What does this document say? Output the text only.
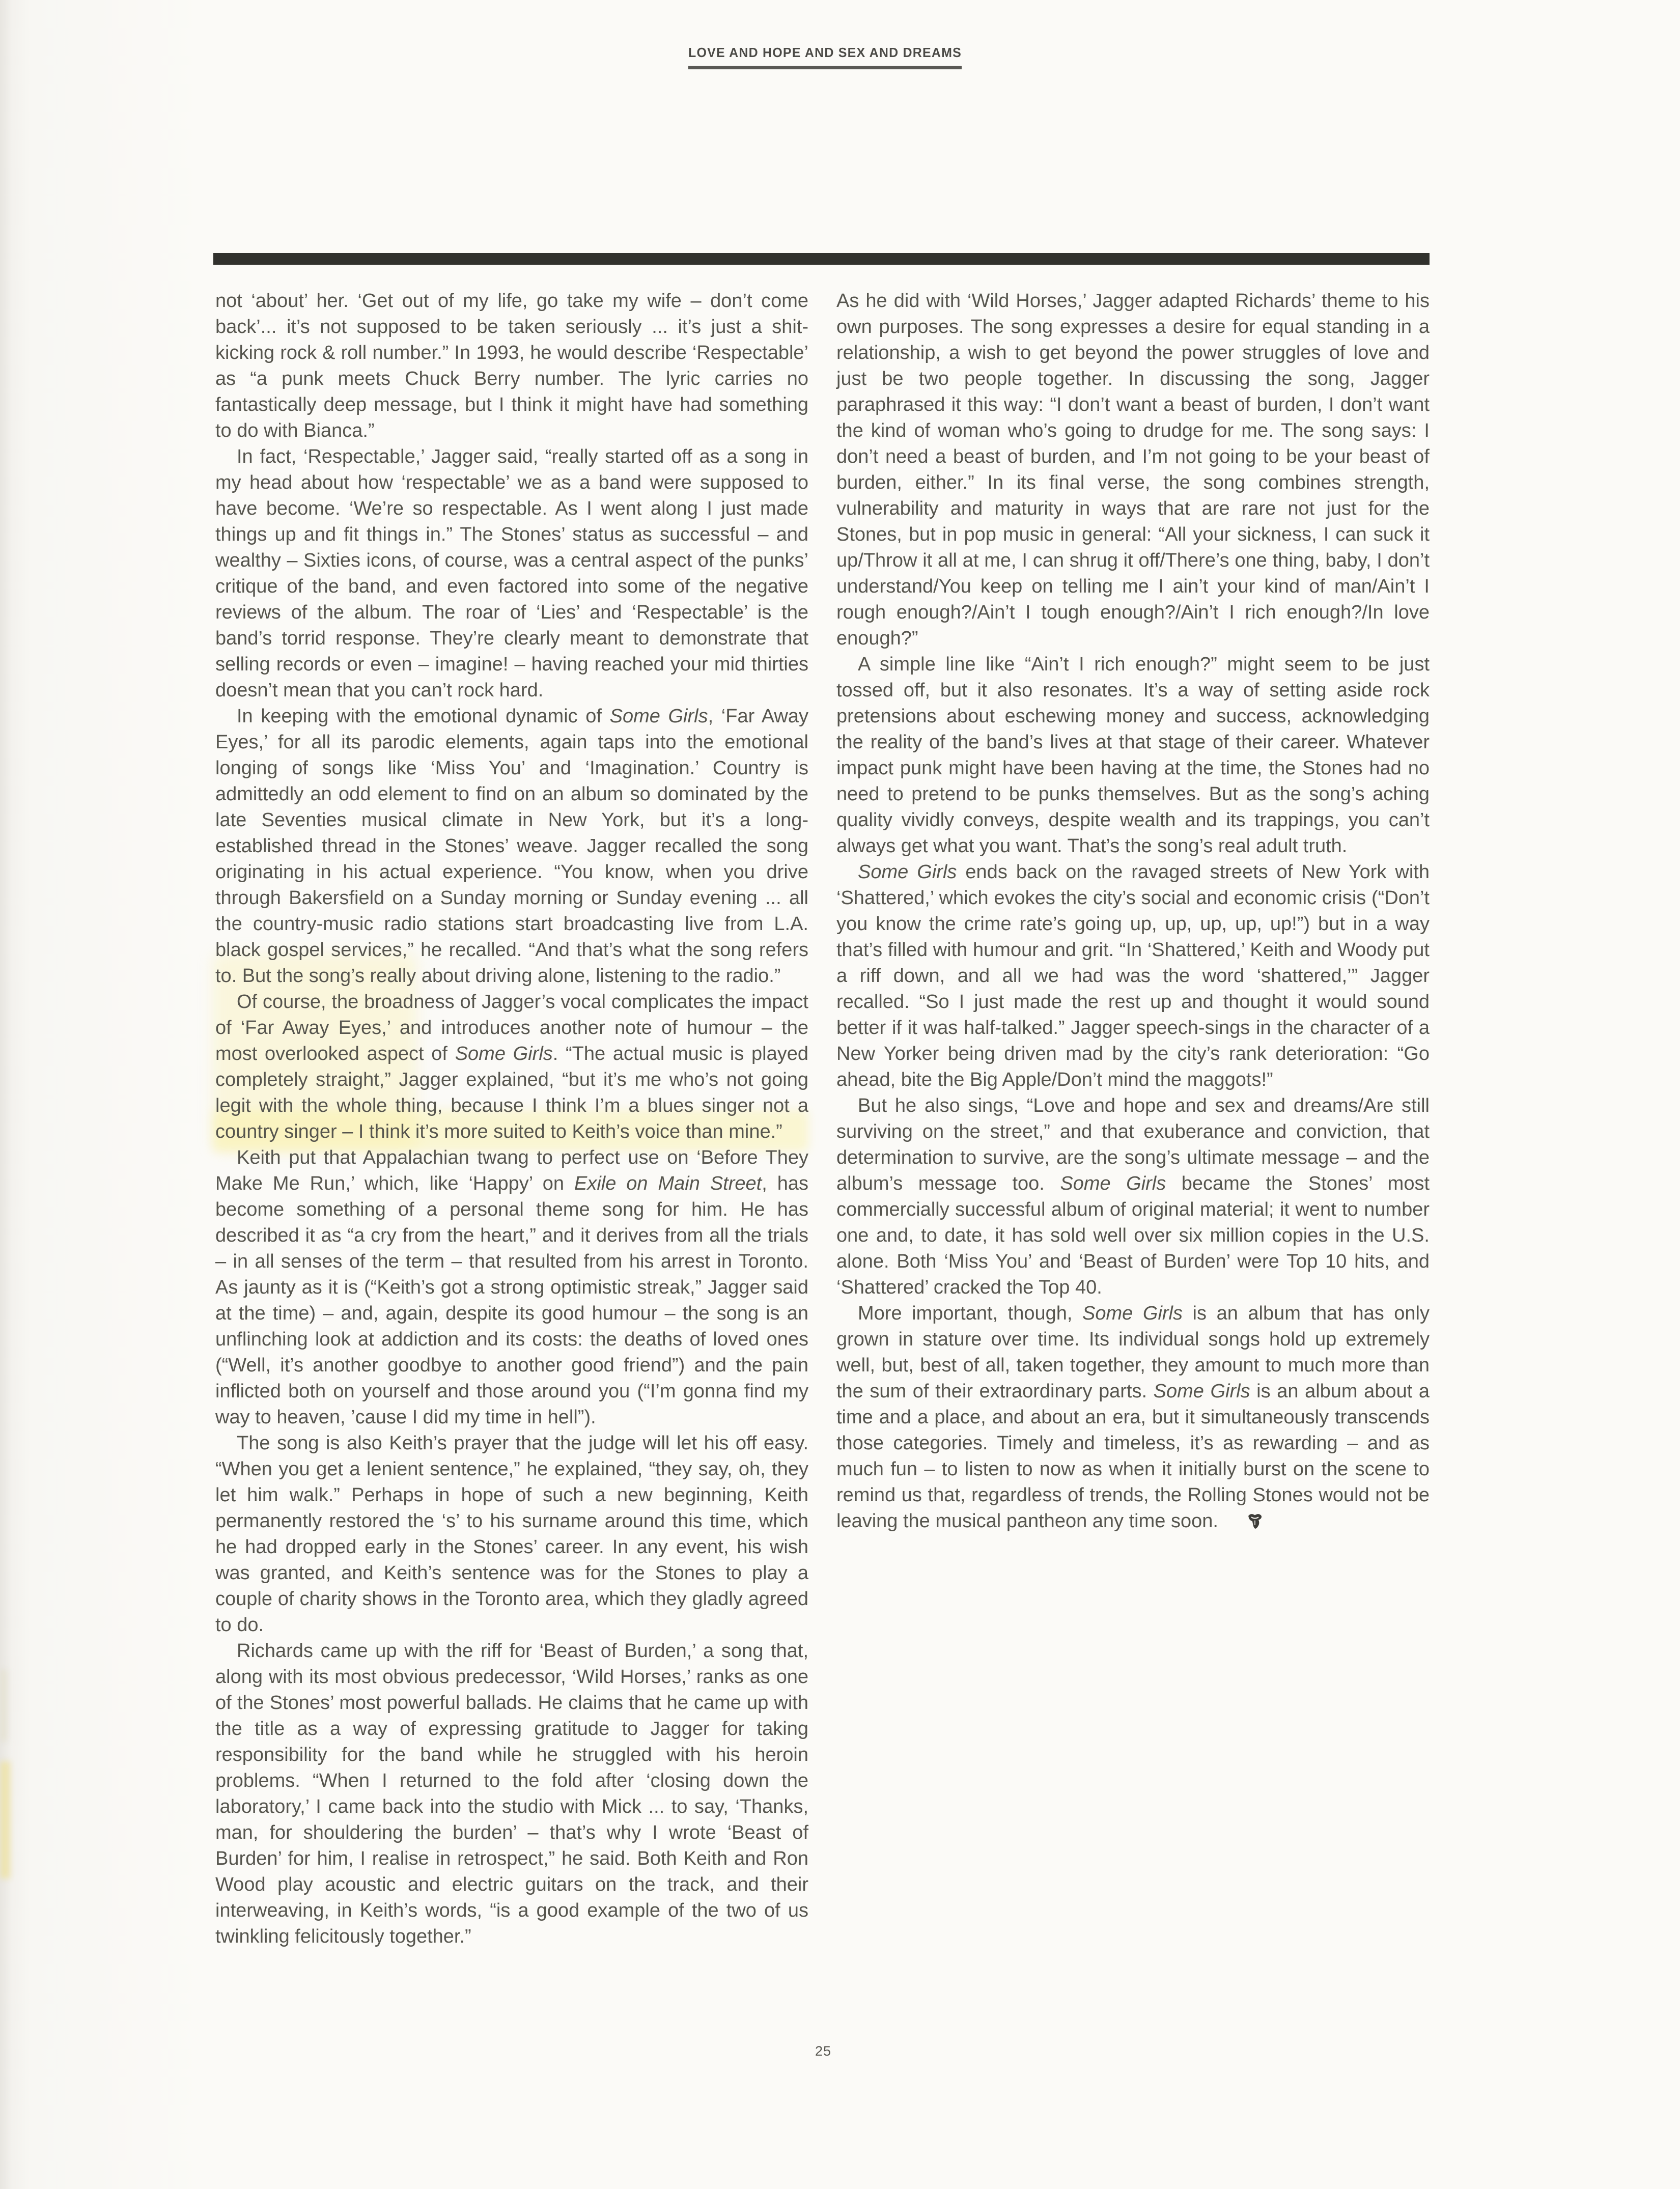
LOVE AND HOPE AND SEX AND DREAMS

not ‘about’ her. ‘Get out of my life, go take my wife – don’t come back’... it’s not supposed to be taken seriously ... it’s just a shit-kicking rock & roll number.” In 1993, he would describe ‘Respectable’ as “a punk meets Chuck Berry number. The lyric carries no fantastically deep message, but I think it might have had something to do with Bianca.”

In fact, ‘Respectable,’ Jagger said, “really started off as a song in my head about how ‘respectable’ we as a band were supposed to have become. ‘We’re so respectable. As I went along I just made things up and fit things in.” The Stones’ status as successful – and wealthy – Sixties icons, of course, was a central aspect of the punks’ critique of the band, and even factored into some of the negative reviews of the album. The roar of ‘Lies’ and ‘Respectable’ is the band’s torrid response. They’re clearly meant to demonstrate that selling records or even – imagine! – having reached your mid thirties doesn’t mean that you can’t rock hard.

In keeping with the emotional dynamic of Some Girls, ‘Far Away Eyes,’ for all its parodic elements, again taps into the emotional longing of songs like ‘Miss You’ and ‘Imagination.’ Country is admittedly an odd element to find on an album so dominated by the late Seventies musical climate in New York, but it’s a long-established thread in the Stones’ weave. Jagger recalled the song originating in his actual experience. “You know, when you drive through Bakersfield on a Sunday morning or Sunday evening ... all the country-music radio stations start broadcasting live from L.A. black gospel services,” he recalled. “And that’s what the song refers to. But the song’s really about driving alone, listening to the radio.”

Of course, the broadness of Jagger’s vocal complicates the impact of ‘Far Away Eyes,’ and introduces another note of humour – the most overlooked aspect of Some Girls. “The actual music is played completely straight,” Jagger explained, “but it’s me who’s not going legit with the whole thing, because I think I’m a blues singer not a country singer – I think it’s more suited to Keith’s voice than mine.”

Keith put that Appalachian twang to perfect use on ‘Before They Make Me Run,’ which, like ‘Happy’ on Exile on Main Street, has become something of a personal theme song for him. He has described it as “a cry from the heart,” and it derives from all the trials – in all senses of the term – that resulted from his arrest in Toronto. As jaunty as it is (“Keith’s got a strong optimistic streak,” Jagger said at the time) – and, again, despite its good humour – the song is an unflinching look at addiction and its costs: the deaths of loved ones (“Well, it’s another goodbye to another good friend”) and the pain inflicted both on yourself and those around you (“I’m gonna find my way to heaven, ’cause I did my time in hell”).

The song is also Keith’s prayer that the judge will let his off easy. “When you get a lenient sentence,” he explained, “they say, oh, they let him walk.” Perhaps in hope of such a new beginning, Keith permanently restored the ‘s’ to his surname around this time, which he had dropped early in the Stones’ career. In any event, his wish was granted, and Keith’s sentence was for the Stones to play a couple of charity shows in the Toronto area, which they gladly agreed to do.

Richards came up with the riff for ‘Beast of Burden,’ a song that, along with its most obvious predecessor, ‘Wild Horses,’ ranks as one of the Stones’ most powerful ballads. He claims that he came up with the title as a way of expressing gratitude to Jagger for taking responsibility for the band while he struggled with his heroin problems. “When I returned to the fold after ‘closing down the laboratory,’ I came back into the studio with Mick ... to say, ‘Thanks, man, for shouldering the burden’ – that’s why I wrote ‘Beast of Burden’ for him, I realise in retrospect,” he said. Both Keith and Ron Wood play acoustic and electric guitars on the track, and their interweaving, in Keith’s words, “is a good example of the two of us twinkling felicitously together.”

As he did with ‘Wild Horses,’ Jagger adapted Richards’ theme to his own purposes. The song expresses a desire for equal standing in a relationship, a wish to get beyond the power struggles of love and just be two people together. In discussing the song, Jagger paraphrased it this way: “I don’t want a beast of burden, I don’t want the kind of woman who’s going to drudge for me. The song says: I don’t need a beast of burden, and I’m not going to be your beast of burden, either.” In its final verse, the song combines strength, vulnerability and maturity in ways that are rare not just for the Stones, but in pop music in general: “All your sickness, I can suck it up/Throw it all at me, I can shrug it off/There’s one thing, baby, I don’t understand/You keep on telling me I ain’t your kind of man/Ain’t I rough enough?/Ain’t I tough enough?/Ain’t I rich enough?/In love enough?”

A simple line like “Ain’t I rich enough?” might seem to be just tossed off, but it also resonates. It’s a way of setting aside rock pretensions about eschewing money and success, acknowledging the reality of the band’s lives at that stage of their career. Whatever impact punk might have been having at the time, the Stones had no need to pretend to be punks themselves. But as the song’s aching quality vividly conveys, despite wealth and its trappings, you can’t always get what you want. That’s the song’s real adult truth.

Some Girls ends back on the ravaged streets of New York with ‘Shattered,’ which evokes the city’s social and economic crisis (“Don’t you know the crime rate’s going up, up, up, up, up!”) but in a way that’s filled with humour and grit. “In ‘Shattered,’ Keith and Woody put a riff down, and all we had was the word ‘shattered,’” Jagger recalled. “So I just made the rest up and thought it would sound better if it was half-talked.” Jagger speech-sings in the character of a New Yorker being driven mad by the city’s rank deterioration: “Go ahead, bite the Big Apple/Don’t mind the maggots!”

But he also sings, “Love and hope and sex and dreams/Are still surviving on the street,” and that exuberance and conviction, that determination to survive, are the song’s ultimate message – and the album’s message too. Some Girls became the Stones’ most commercially successful album of original material; it went to number one and, to date, it has sold well over six million copies in the U.S. alone. Both ‘Miss You’ and ‘Beast of Burden’ were Top 10 hits, and ‘Shattered’ cracked the Top 40.

More important, though, Some Girls is an album that has only grown in stature over time. Its individual songs hold up extremely well, but, best of all, taken together, they amount to much more than the sum of their extraordinary parts. Some Girls is an album about a time and a place, and about an era, but it simultaneously transcends those categories. Timely and timeless, it’s as rewarding – and as much fun – to listen to now as when it initially burst on the scene to remind us that, regardless of trends, the Rolling Stones would not be leaving the musical pantheon any time soon.

25
